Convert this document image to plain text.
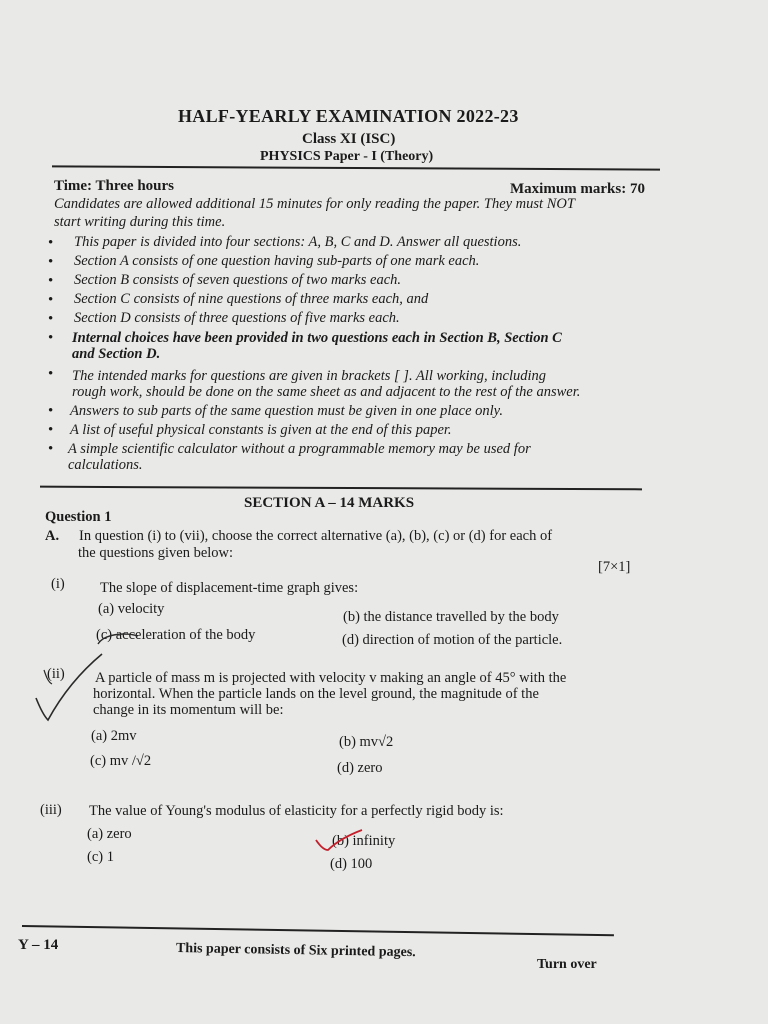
HALF-YEARLY EXAMINATION 2022-23
Class XI (ISC)
PHYSICS Paper - I (Theory)
Time: Three hours	Maximum marks: 70
Candidates are allowed additional 15 minutes for only reading the paper. They must NOT
start writing during this time.
• This paper is divided into four sections: A, B, C and D. Answer all questions.
• Section A consists of one question having sub-parts of one mark each.
• Section B consists of seven questions of two marks each.
• Section C consists of nine questions of three marks each, and
• Section D consists of three questions of five marks each.
• Internal choices have been provided in two questions each in Section B, Section C
and Section D.
• The intended marks for questions are given in brackets [ ]. All working, including
rough work, should be done on the same sheet as and adjacent to the rest of the answer.
• Answers to sub parts of the same question must be given in one place only.
• A list of useful physical constants is given at the end of this paper.
• A simple scientific calculator without a programmable memory may be used for
calculations.
SECTION A – 14 MARKS
Question 1
A. In question (i) to (vii), choose the correct alternative (a), (b), (c) or (d) for each of
the questions given below:
[7×1]
(i) The slope of displacement-time graph gives:
(a) velocity	(b) the distance travelled by the body
(c) acceleration of the body	(d) direction of motion of the particle.
(ii) A particle of mass m is projected with velocity v making an angle of 45° with the
horizontal. When the particle lands on the level ground, the magnitude of the
change in its momentum will be:
(a) 2mv	(b) mv√2
(c) mv /√2	(d) zero
(iii) The value of Young's modulus of elasticity for a perfectly rigid body is:
(a) zero	(b) infinity
(c) 1	(d) 100
Y – 14	This paper consists of Six printed pages.
Turn over
